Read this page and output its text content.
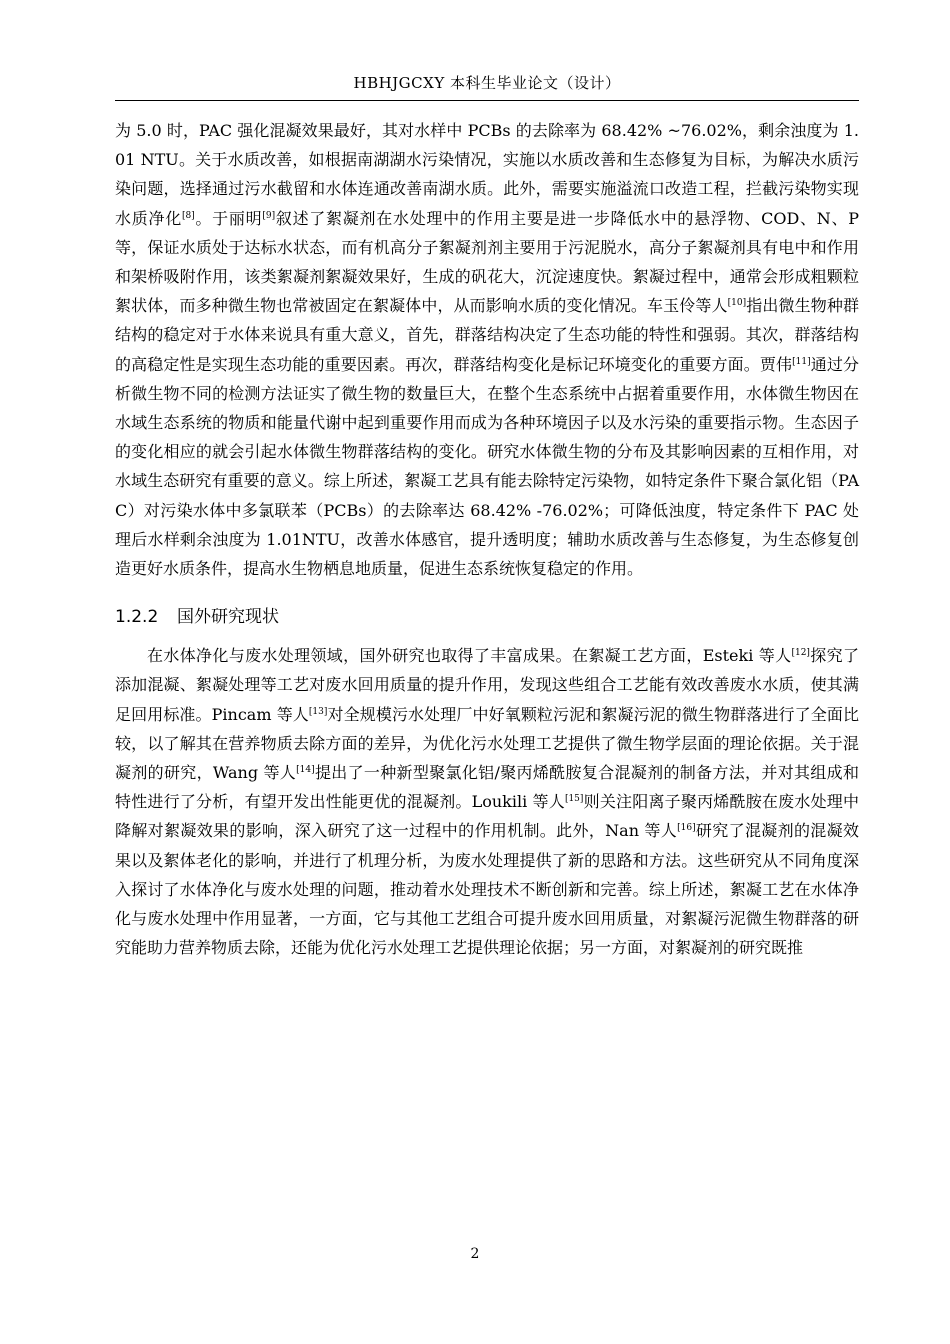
HBHJGCXY 本科生毕业论文（设计）

为 5.0 时，PAC 强化混凝效果最好，其对水样中 PCBs 的去除率为 68.42% ~76.02%，剩余浊度为 1.01 NTU。关于水质改善，如根据南湖湖水污染情况，实施以水质改善和生态修复为目标，为解决水质污染问题，选择通过污水截留和水体连通改善南湖水质。此外，需要实施溢流口改造工程，拦截污染物实现水质净化[8]。于丽明[9]叙述了絮凝剂在水处理中的作用主要是进一步降低水中的悬浮物、COD、N、P 等，保证水质处于达标水状态，而有机高分子絮凝剂剂主要用于污泥脱水，高分子絮凝剂具有电中和作用和架桥吸附作用，该类絮凝剂絮凝效果好，生成的矾花大，沉淀速度快。絮凝过程中，通常会形成粗颗粒絮状体，而多种微生物也常被固定在絮凝体中，从而影响水质的变化情况。车玉伶等人[10]指出微生物种群结构的稳定对于水体来说具有重大意义，首先，群落结构决定了生态功能的特性和强弱。其次，群落结构的高稳定性是实现生态功能的重要因素。再次，群落结构变化是标记环境变化的重要方面。贾伟[11]通过分析微生物不同的检测方法证实了微生物的数量巨大，在整个生态系统中占据着重要作用，水体微生物因在水域生态系统的物质和能量代谢中起到重要作用而成为各种环境因子以及水污染的重要指示物。生态因子的变化相应的就会引起水体微生物群落结构的变化。研究水体微生物的分布及其影响因素的互相作用，对水域生态研究有重要的意义。综上所述，絮凝工艺具有能去除特定污染物，如特定条件下聚合氯化铝（PAC）对污染水体中多氯联苯（PCBs）的去除率达 68.42% -76.02%；可降低浊度，特定条件下 PAC 处理后水样剩余浊度为 1.01NTU，改善水体感官，提升透明度；辅助水质改善与生态修复，为生态修复创造更好水质条件，提高水生物栖息地质量，促进生态系统恢复稳定的作用。

1.2.2 国外研究现状

在水体净化与废水处理领域，国外研究也取得了丰富成果。在絮凝工艺方面，Esteki 等人[12]探究了添加混凝、絮凝处理等工艺对废水回用质量的提升作用，发现这些组合工艺能有效改善废水水质，使其满足回用标准。Pincam 等人[13]对全规模污水处理厂中好氧颗粒污泥和絮凝污泥的微生物群落进行了全面比较，以了解其在营养物质去除方面的差异，为优化污水处理工艺提供了微生物学层面的理论依据。关于混凝剂的研究，Wang 等人[14]提出了一种新型聚氯化铝/聚丙烯酰胺复合混凝剂的制备方法，并对其组成和特性进行了分析，有望开发出性能更优的混凝剂。Loukili 等人[15]则关注阳离子聚丙烯酰胺在废水处理中降解对絮凝效果的影响，深入研究了这一过程中的作用机制。此外，Nan 等人[16]研究了混凝剂的混凝效果以及絮体老化的影响，并进行了机理分析，为废水处理提供了新的思路和方法。这些研究从不同角度深入探讨了水体净化与废水处理的问题，推动着水处理技术不断创新和完善。综上所述，絮凝工艺在水体净化与废水处理中作用显著，一方面，它与其他工艺组合可提升废水回用质量，对絮凝污泥微生物群落的研究能助力营养物质去除，还能为优化污水处理工艺提供理论依据；另一方面，对絮凝剂的研究既推

2
